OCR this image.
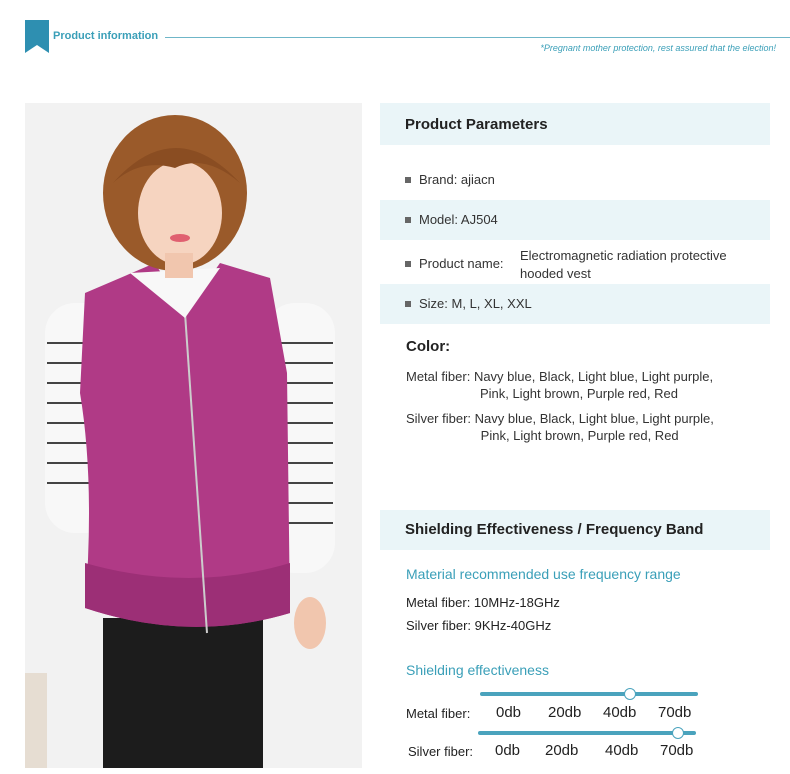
Product information
*Pregnant mother protection, rest assured that the election!
Product Parameters
Brand: ajiacn
Model: AJ504
Product name:
Electromagnetic radiation protective
hooded vest
Size: M, L, XL, XXL
Color:
Metal fiber: Navy blue, Black, Light blue, Light purple,
Pink, Light brown, Purple red, Red
Silver fiber: Navy blue, Black, Light blue, Light purple,
Pink, Light brown, Purple red, Red
Shielding Effectiveness / Frequency Band
Material recommended use frequency range
Metal fiber: 10MHz-18GHz
Silver fiber: 9KHz-40GHz
Shielding effectiveness
Metal fiber: 0db 20db 40db 70db
Silver fiber: 0db 20db 40db 70db
